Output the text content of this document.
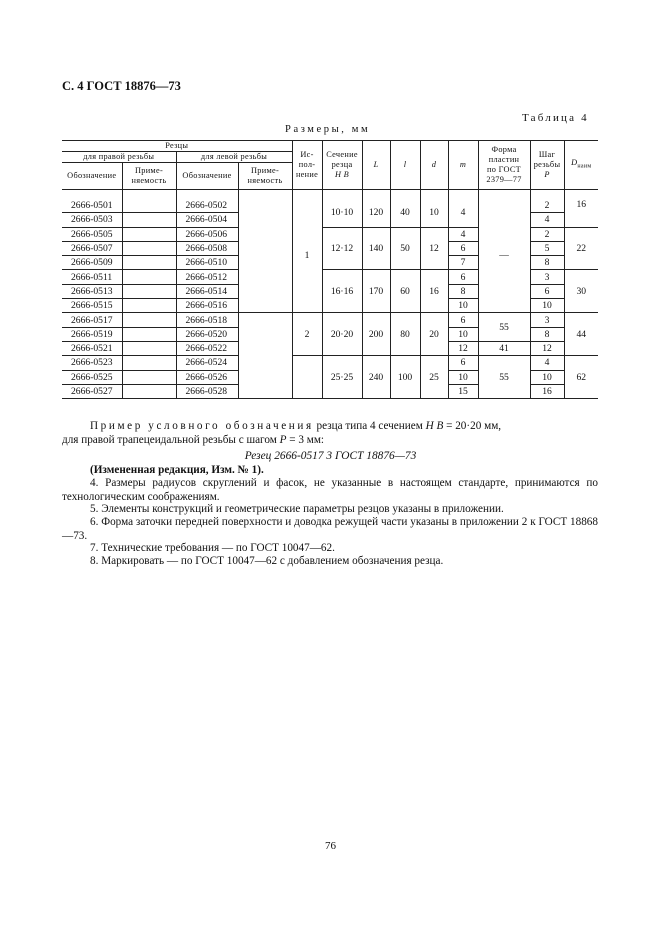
С. 4 ГОСТ 18876—73
Таблица 4
Размеры, мм
Резцы				Ис-
пол-
нение	Сечение
резца
H B	L	l	d	m	Форма
пластин
по ГОСТ
2379—77	Шаг
резьбы
P	$D_{наим}$
для правой резьбы		для левой резьбы										
Обозначение	Приме-
няемость	Обозначение	Приме-
няемость									

2666-0501		2666-0502		1	10·10	120	40	10	4	—	2	16
2666-0503		2666-0504									4	
2666-0505		2666-0506			12·12	140	50	12	4		2	22
2666-0507		2666-0508							6		5	
2666-0509		2666-0510							7		8	
2666-0511		2666-0512			16·16	170	60	16	6		3	30
2666-0513		2666-0514							8		6	
2666-0515		2666-0516							10		10	
2666-0517		2666-0518		2	20·20	200	80	20	6	55	3	44
2666-0519		2666-0520							10		8	
2666-0521		2666-0522							12	41	12	
2666-0523		2666-0524			25·25	240	100	25	6	55	4	62
2666-0525		2666-0526							10		10	
2666-0527		2666-0528							15		16	
Пример условного обозначения резца типа 4 сечением H B = 20·20 мм,
для правой трапецеидальной резьбы с шагом P = 3 мм:
Резец 2666-0517 3 ГОСТ 18876—73
(Измененная редакция, Изм. № 1).
4. Размеры радиусов скруглений и фасок, не указанные в настоящем стандарте, принимаются по технологическим соображениям.
5. Элементы конструкций и геометрические параметры резцов указаны в приложении.
6. Форма заточки передней поверхности и доводка режущей части указаны в приложении 2 к ГОСТ 18868—73.
7. Технические требования — по ГОСТ 10047—62.
8. Маркировать — по ГОСТ 10047—62 с добавлением обозначения резца.
76
